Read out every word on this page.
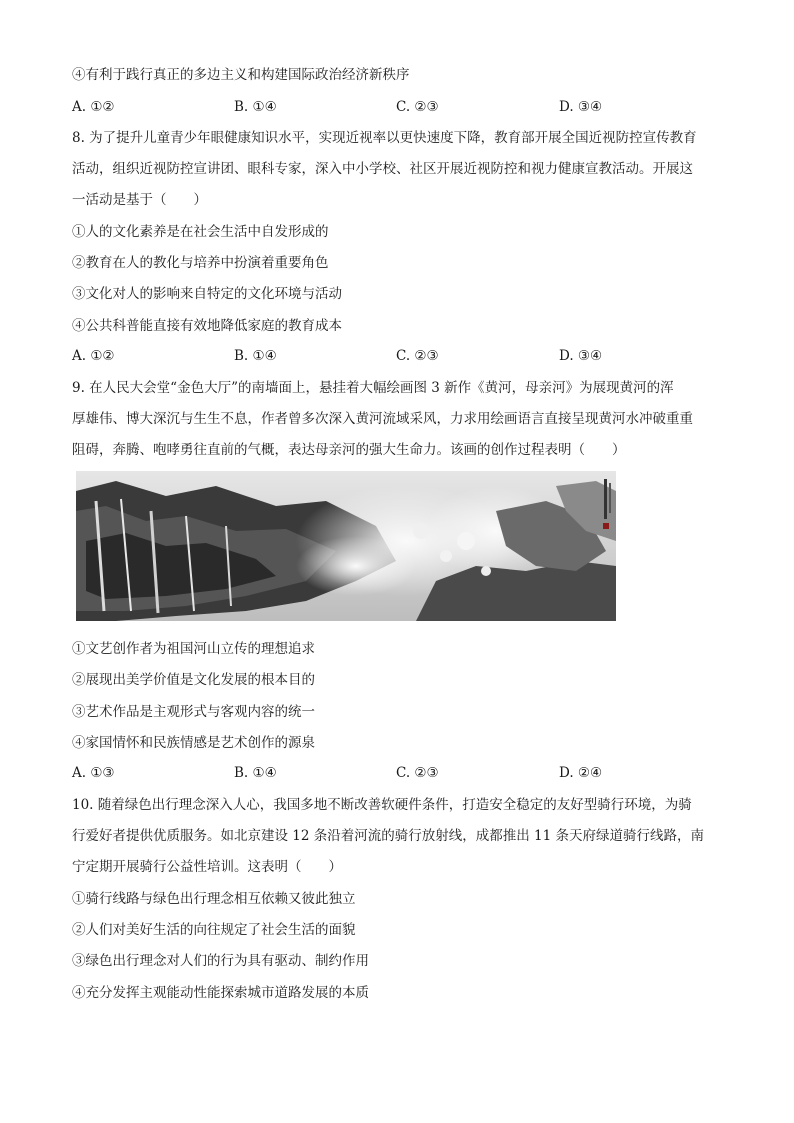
④有利于践行真正的多边主义和构建国际政治经济新秩序
A. ①②	B. ①④	C. ②③	D. ③④
8. 为了提升儿童青少年眼健康知识水平，实现近视率以更快速度下降，教育部开展全国近视防控宣传教育
活动，组织近视防控宣讲团、眼科专家，深入中小学校、社区开展近视防控和视力健康宣教活动。开展这
一活动是基于（　　）
①人的文化素养是在社会生活中自发形成的
②教育在人的教化与培养中扮演着重要角色
③文化对人的影响来自特定的文化环境与活动
④公共科普能直接有效地降低家庭的教育成本
A. ①②	B. ①④	C. ②③	D. ③④
9. 在人民大会堂“金色大厅”的南墙面上，悬挂着大幅绘画图 3 新作《黄河，母亲河》为展现黄河的浑
厚雄伟、博大深沉与生生不息，作者曾多次深入黄河流域采风，力求用绘画语言直接呈现黄河水冲破重重
阻碍，奔腾、咆哮勇往直前的气概，表达母亲河的强大生命力。该画的创作过程表明（　　）
①文艺创作者为祖国河山立传的理想追求
②展现出美学价值是文化发展的根本目的
③艺术作品是主观形式与客观内容的统一
④家国情怀和民族情感是艺术创作的源泉
A. ①③	B. ①④	C. ②③	D. ②④
10. 随着绿色出行理念深入人心，我国多地不断改善软硬件条件，打造安全稳定的友好型骑行环境，为骑
行爱好者提供优质服务。如北京建设 12 条沿着河流的骑行放射线，成都推出 11 条天府绿道骑行线路，南
宁定期开展骑行公益性培训。这表明（　　）
①骑行线路与绿色出行理念相互依赖又彼此独立
②人们对美好生活的向往规定了社会生活的面貌
③绿色出行理念对人们的行为具有驱动、制约作用
④充分发挥主观能动性能探索城市道路发展的本质
